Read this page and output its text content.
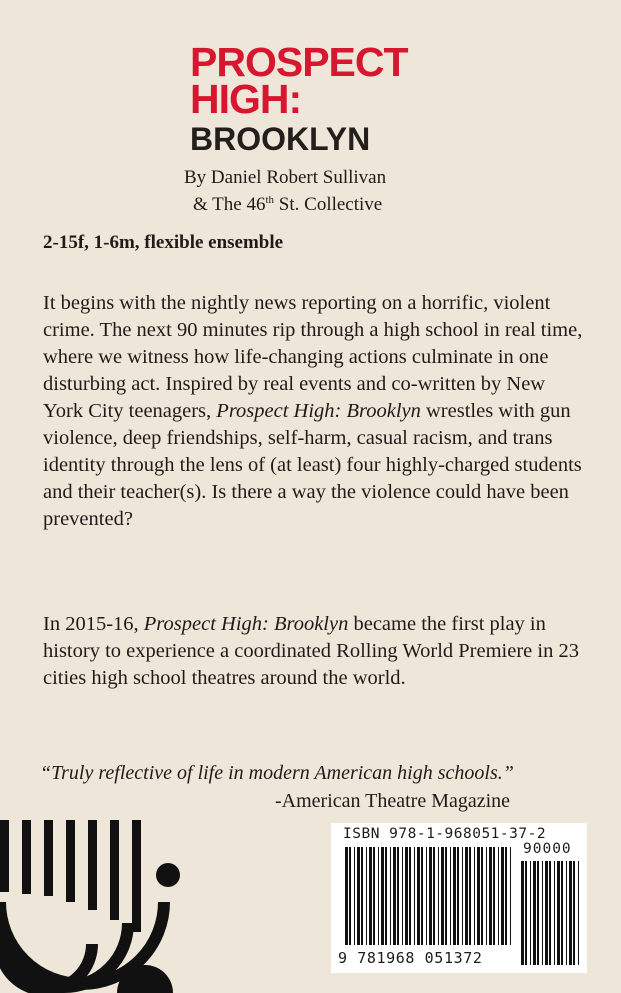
PROSPECT
HIGH:
BROOKLYN
By Daniel Robert Sullivan
& The 46th St. Collective
2-15f, 1-6m, flexible ensemble

It begins with the nightly news reporting on a horrific, violent crime. The next 90 minutes rip through a high school in real time, where we witness how life-changing actions culminate in one disturbing act. Inspired by real events and co-written by New York City teenagers, Prospect High: Brooklyn wrestles with gun violence, deep friendships, self-harm, casual racism, and trans identity through the lens of (at least) four highly-charged students and their teacher(s). Is there a way the violence could have been prevented?

In 2015-16, Prospect High: Brooklyn became the first play in history to experience a coordinated Rolling World Premiere in 23 cities high school theatres around the world.

“Truly reflective of life in modern American high schools.”
-American Theatre Magazine
ISBN 978-1-968051-37-2
90000
9 781968 051372
